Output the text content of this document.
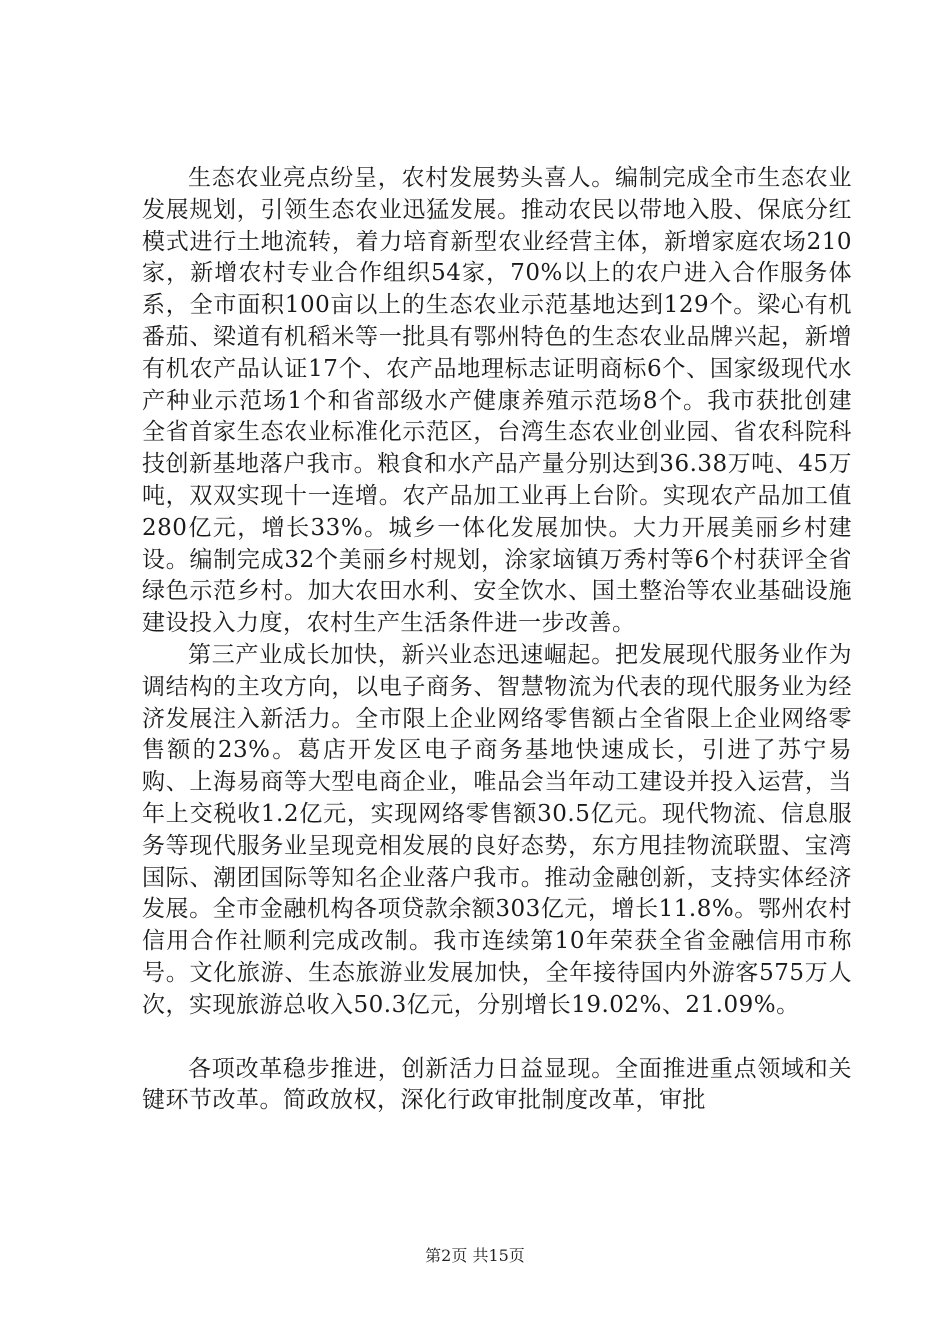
生态农业亮点纷呈，农村发展势头喜人。编制完成全市生态农业发展规划，引领生态农业迅猛发展。推动农民以带地入股、保底分红模式进行土地流转，着力培育新型农业经营主体，新增家庭农场210家，新增农村专业合作组织54家，70%以上的农户进入合作服务体系，全市面积100亩以上的生态农业示范基地达到129个。梁心有机番茄、梁道有机稻米等一批具有鄂州特色的生态农业品牌兴起，新增有机农产品认证17个、农产品地理标志证明商标6个、国家级现代水产种业示范场1个和省部级水产健康养殖示范场8个。我市获批创建全省首家生态农业标准化示范区，台湾生态农业创业园、省农科院科技创新基地落户我市。粮食和水产品产量分别达到36.38万吨、45万吨，双双实现十一连增。农产品加工业再上台阶。实现农产品加工值280亿元，增长33%。城乡一体化发展加快。大力开展美丽乡村建设。编制完成32个美丽乡村规划，涂家垴镇万秀村等6个村获评全省绿色示范乡村。加大农田水利、安全饮水、国土整治等农业基础设施建设投入力度，农村生产生活条件进一步改善。

第三产业成长加快，新兴业态迅速崛起。把发展现代服务业作为调结构的主攻方向，以电子商务、智慧物流为代表的现代服务业为经济发展注入新活力。全市限上企业网络零售额占全省限上企业网络零售额的23%。葛店开发区电子商务基地快速成长，引进了苏宁易购、上海易商等大型电商企业，唯品会当年动工建设并投入运营，当年上交税收1.2亿元，实现网络零售额30.5亿元。现代物流、信息服务等现代服务业呈现竞相发展的良好态势，东方甩挂物流联盟、宝湾国际、潮团国际等知名企业落户我市。推动金融创新，支持实体经济发展。全市金融机构各项贷款余额303亿元，增长11.8%。鄂州农村信用合作社顺利完成改制。我市连续第10年荣获全省金融信用市称号。文化旅游、生态旅游业发展加快，全年接待国内外游客575万人次，实现旅游总收入50.3亿元，分别增长19.02%、21.09%。

各项改革稳步推进，创新活力日益显现。全面推进重点领域和关键环节改革。简政放权，深化行政审批制度改革，审批

第2页 共15页
